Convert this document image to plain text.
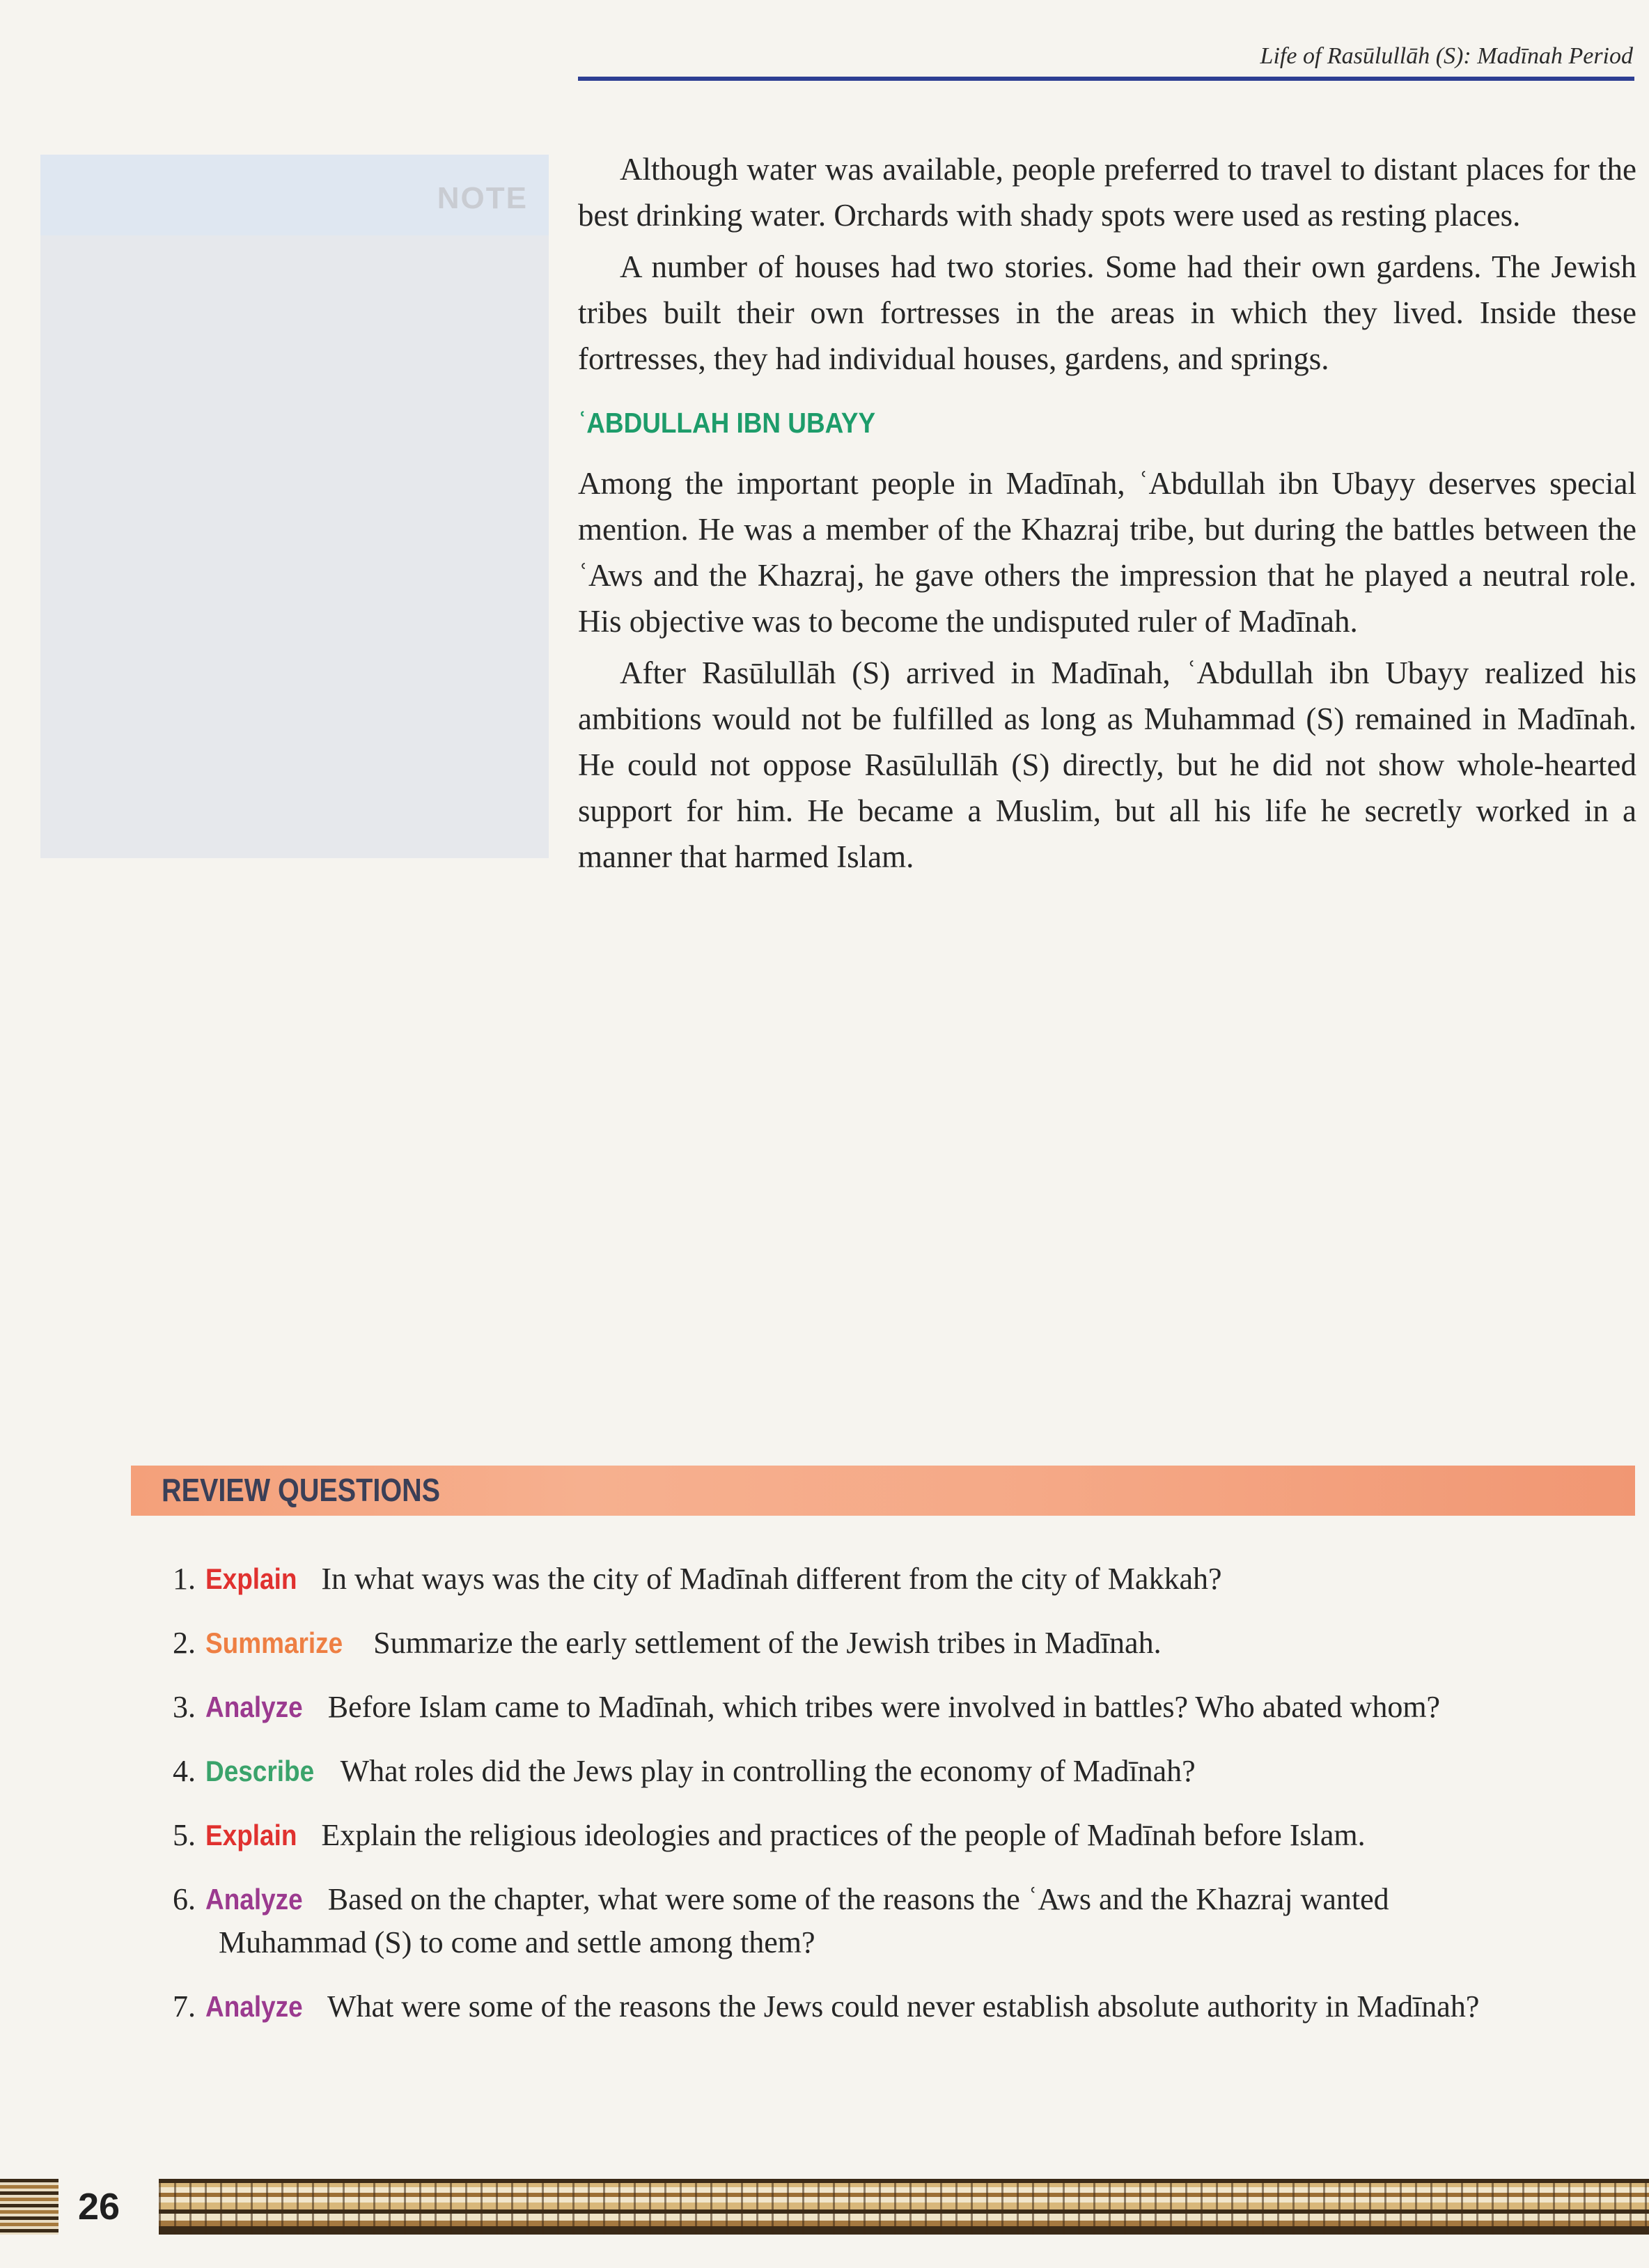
Life of Rasūlullāh (S): Madīnah Period
NOTE

Although water was available, people preferred to travel to distant places for the best drinking water. Orchards with shady spots were used as resting places.

A number of houses had two stories. Some had their own gardens. The Jewish tribes built their own fortresses in the areas in which they lived. Inside these fortresses, they had individual houses, gardens, and springs.

ʿABDULLAH IBN UBAYY

Among the important people in Madīnah, ʿAbdullah ibn Ubayy deserves special mention. He was a member of the Khazraj tribe, but during the battles between the ʿAws and the Khazraj, he gave others the impression that he played a neutral role. His objective was to become the undisputed ruler of Madīnah.

After Rasūlullāh (S) arrived in Madīnah, ʿAbdullah ibn Ubayy realized his ambitions would not be fulfilled as long as Muhammad (S) remained in Madīnah. He could not oppose Rasūlullāh (S) directly, but he did not show whole-hearted support for him. He became a Muslim, but all his life he secretly worked in a manner that harmed Islam.

REVIEW QUESTIONS
1. Explain In what ways was the city of Madīnah different from the city of Makkah?
2. Summarize Summarize the early settlement of the Jewish tribes in Madīnah.
3. Analyze Before Islam came to Madīnah, which tribes were involved in battles? Who abated whom?
4. Describe What roles did the Jews play in controlling the economy of Madīnah?
5. Explain Explain the religious ideologies and practices of the people of Madīnah before Islam.
6. Analyze Based on the chapter, what were some of the reasons the ʿAws and the Khazraj wanted
Muhammad (S) to come and settle among them?
7. Analyze What were some of the reasons the Jews could never establish absolute authority in Madīnah?
26
